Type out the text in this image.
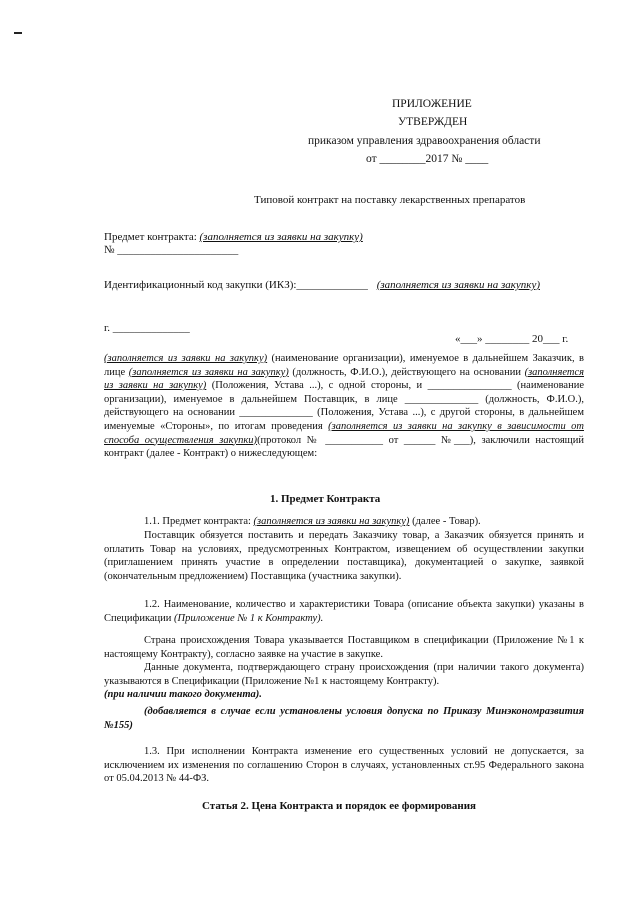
ПРИЛОЖЕНИЕ
УТВЕРЖДЕН
приказом управления здравоохранения области
от ________2017 № ____
Типовой контракт на поставку лекарственных препаратов
Предмет контракта: (заполняется из заявки на закупку)
№ ______________________
Идентификационный код закупки (ИКЗ):_____________ (заполняется из заявки на закупку)
г. ______________
«___» ________ 20___ г.
(заполняется из заявки на закупку) (наименование организации), именуемое в дальнейшем Заказчик, в лице (заполняется из заявки на закупку) (должность, Ф.И.О.), действующего на основании (заполняется из заявки на закупку) (Положения, Устава ...), с одной стороны, и ________________ (наименование организации), именуемое в дальнейшем Поставщик, в лице ______________ (должность, Ф.И.О.), действующего на основании ______________ (Положения, Устава ...), с другой стороны, в дальнейшем именуемые «Стороны», по итогам проведения (заполняется из заявки на закупку в зависимости от способа осуществления закупки)(протокол № ___________ от ______ №___), заключили настоящий контракт (далее - Контракт) о нижеследующем:
1. Предмет Контракта
1.1. Предмет контракта: (заполняется из заявки на закупку) (далее - Товар).
Поставщик обязуется поставить и передать Заказчику товар, а Заказчик обязуется принять и оплатить Товар на условиях, предусмотренных Контрактом, извещением об осуществлении закупки (приглашением принять участие в определении поставщика), документацией о закупке, заявкой (окончательным предложением) Поставщика (участника закупки).
1.2. Наименование, количество и характеристики Товара (описание объекта закупки) указаны в Спецификации (Приложение № 1 к Контракту).
Страна происхождения Товара указывается Поставщиком в спецификации (Приложение №1 к настоящему Контракту), согласно заявке на участие в закупке.
Данные документа, подтверждающего страну происхождения (при наличии такого документа) указываются в Спецификации (Приложение №1 к настоящему Контракту).
(при наличии такого документа).
(добавляется в случае если установлены условия допуска по Приказу Минэкономразвития №155)
1.3. При исполнении Контракта изменение его существенных условий не допускается, за исключением их изменения по соглашению Сторон в случаях, установленных ст.95 Федерального закона от 05.04.2013 № 44-ФЗ.
Статья 2. Цена Контракта и порядок ее формирования
